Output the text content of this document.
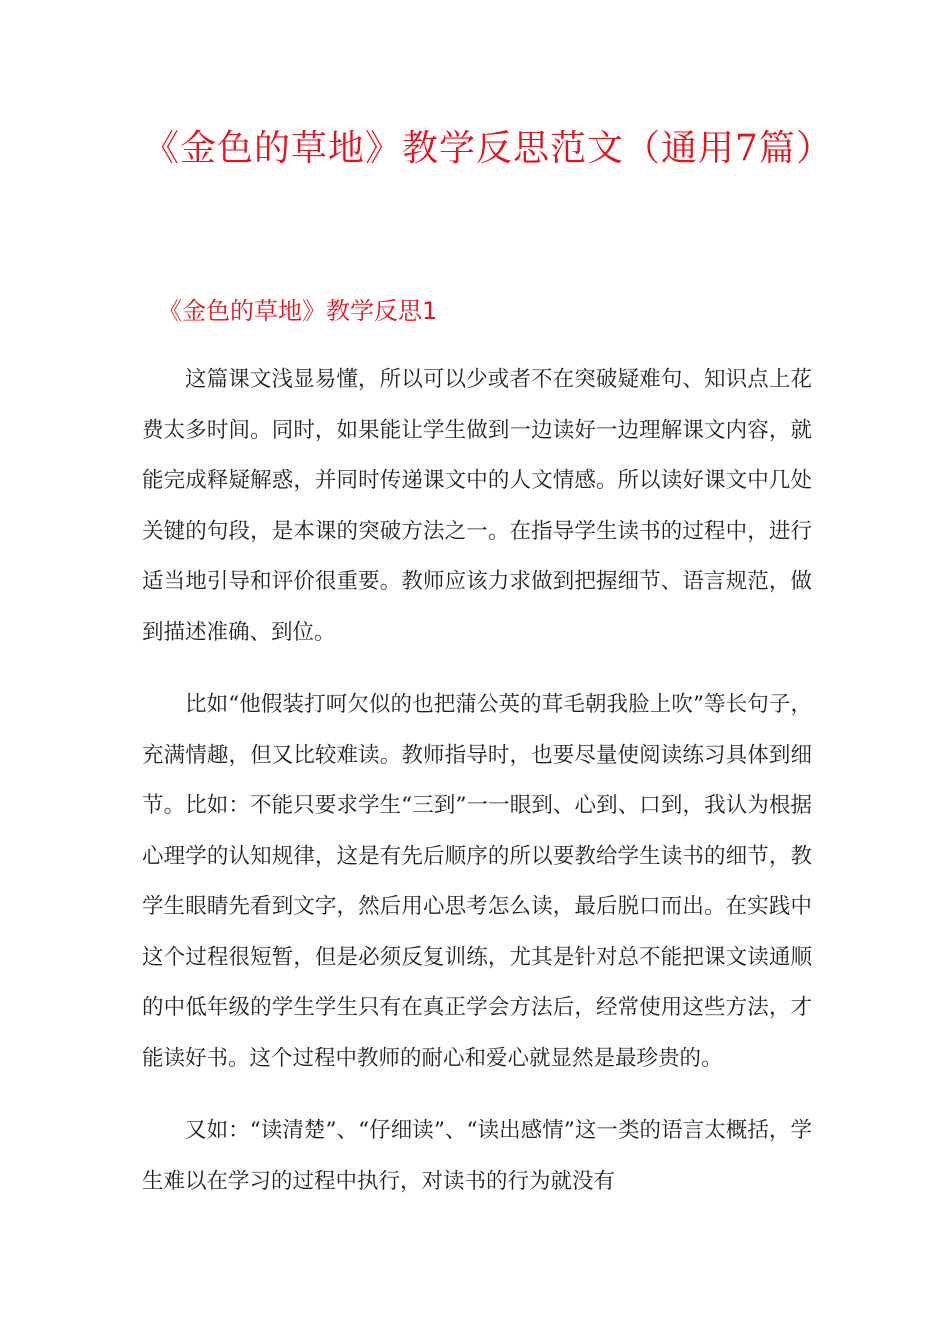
《金色的草地》教学反思范文（通用7篇）
《金色的草地》教学反思1

这篇课文浅显易懂，所以可以少或者不在突破疑难句、知识点上花费太多时间。同时，如果能让学生做到一边读好一边理解课文内容，就能完成释疑解惑，并同时传递课文中的人文情感。所以读好课文中几处关键的句段，是本课的突破方法之一。在指导学生读书的过程中，进行适当地引导和评价很重要。教师应该力求做到把握细节、语言规范，做到描述准确、到位。

比如“他假装打呵欠似的也把蒲公英的茸毛朝我脸上吹”等长句子，充满情趣，但又比较难读。教师指导时，也要尽量使阅读练习具体到细节。比如：不能只要求学生“三到”一一眼到、心到、口到，我认为根据心理学的认知规律，这是有先后顺序的所以要教给学生读书的细节，教学生眼睛先看到文字，然后用心思考怎么读，最后脱口而出。在实践中这个过程很短暂，但是必须反复训练，尤其是针对总不能把课文读通顺的中低年级的学生学生只有在真正学会方法后，经常使用这些方法，才能读好书。这个过程中教师的耐心和爱心就显然是最珍贵的。

又如：“读清楚”、“仔细读”、“读出感情”这一类的语言太概括，学生难以在学习的过程中执行，对读书的行为就没有
